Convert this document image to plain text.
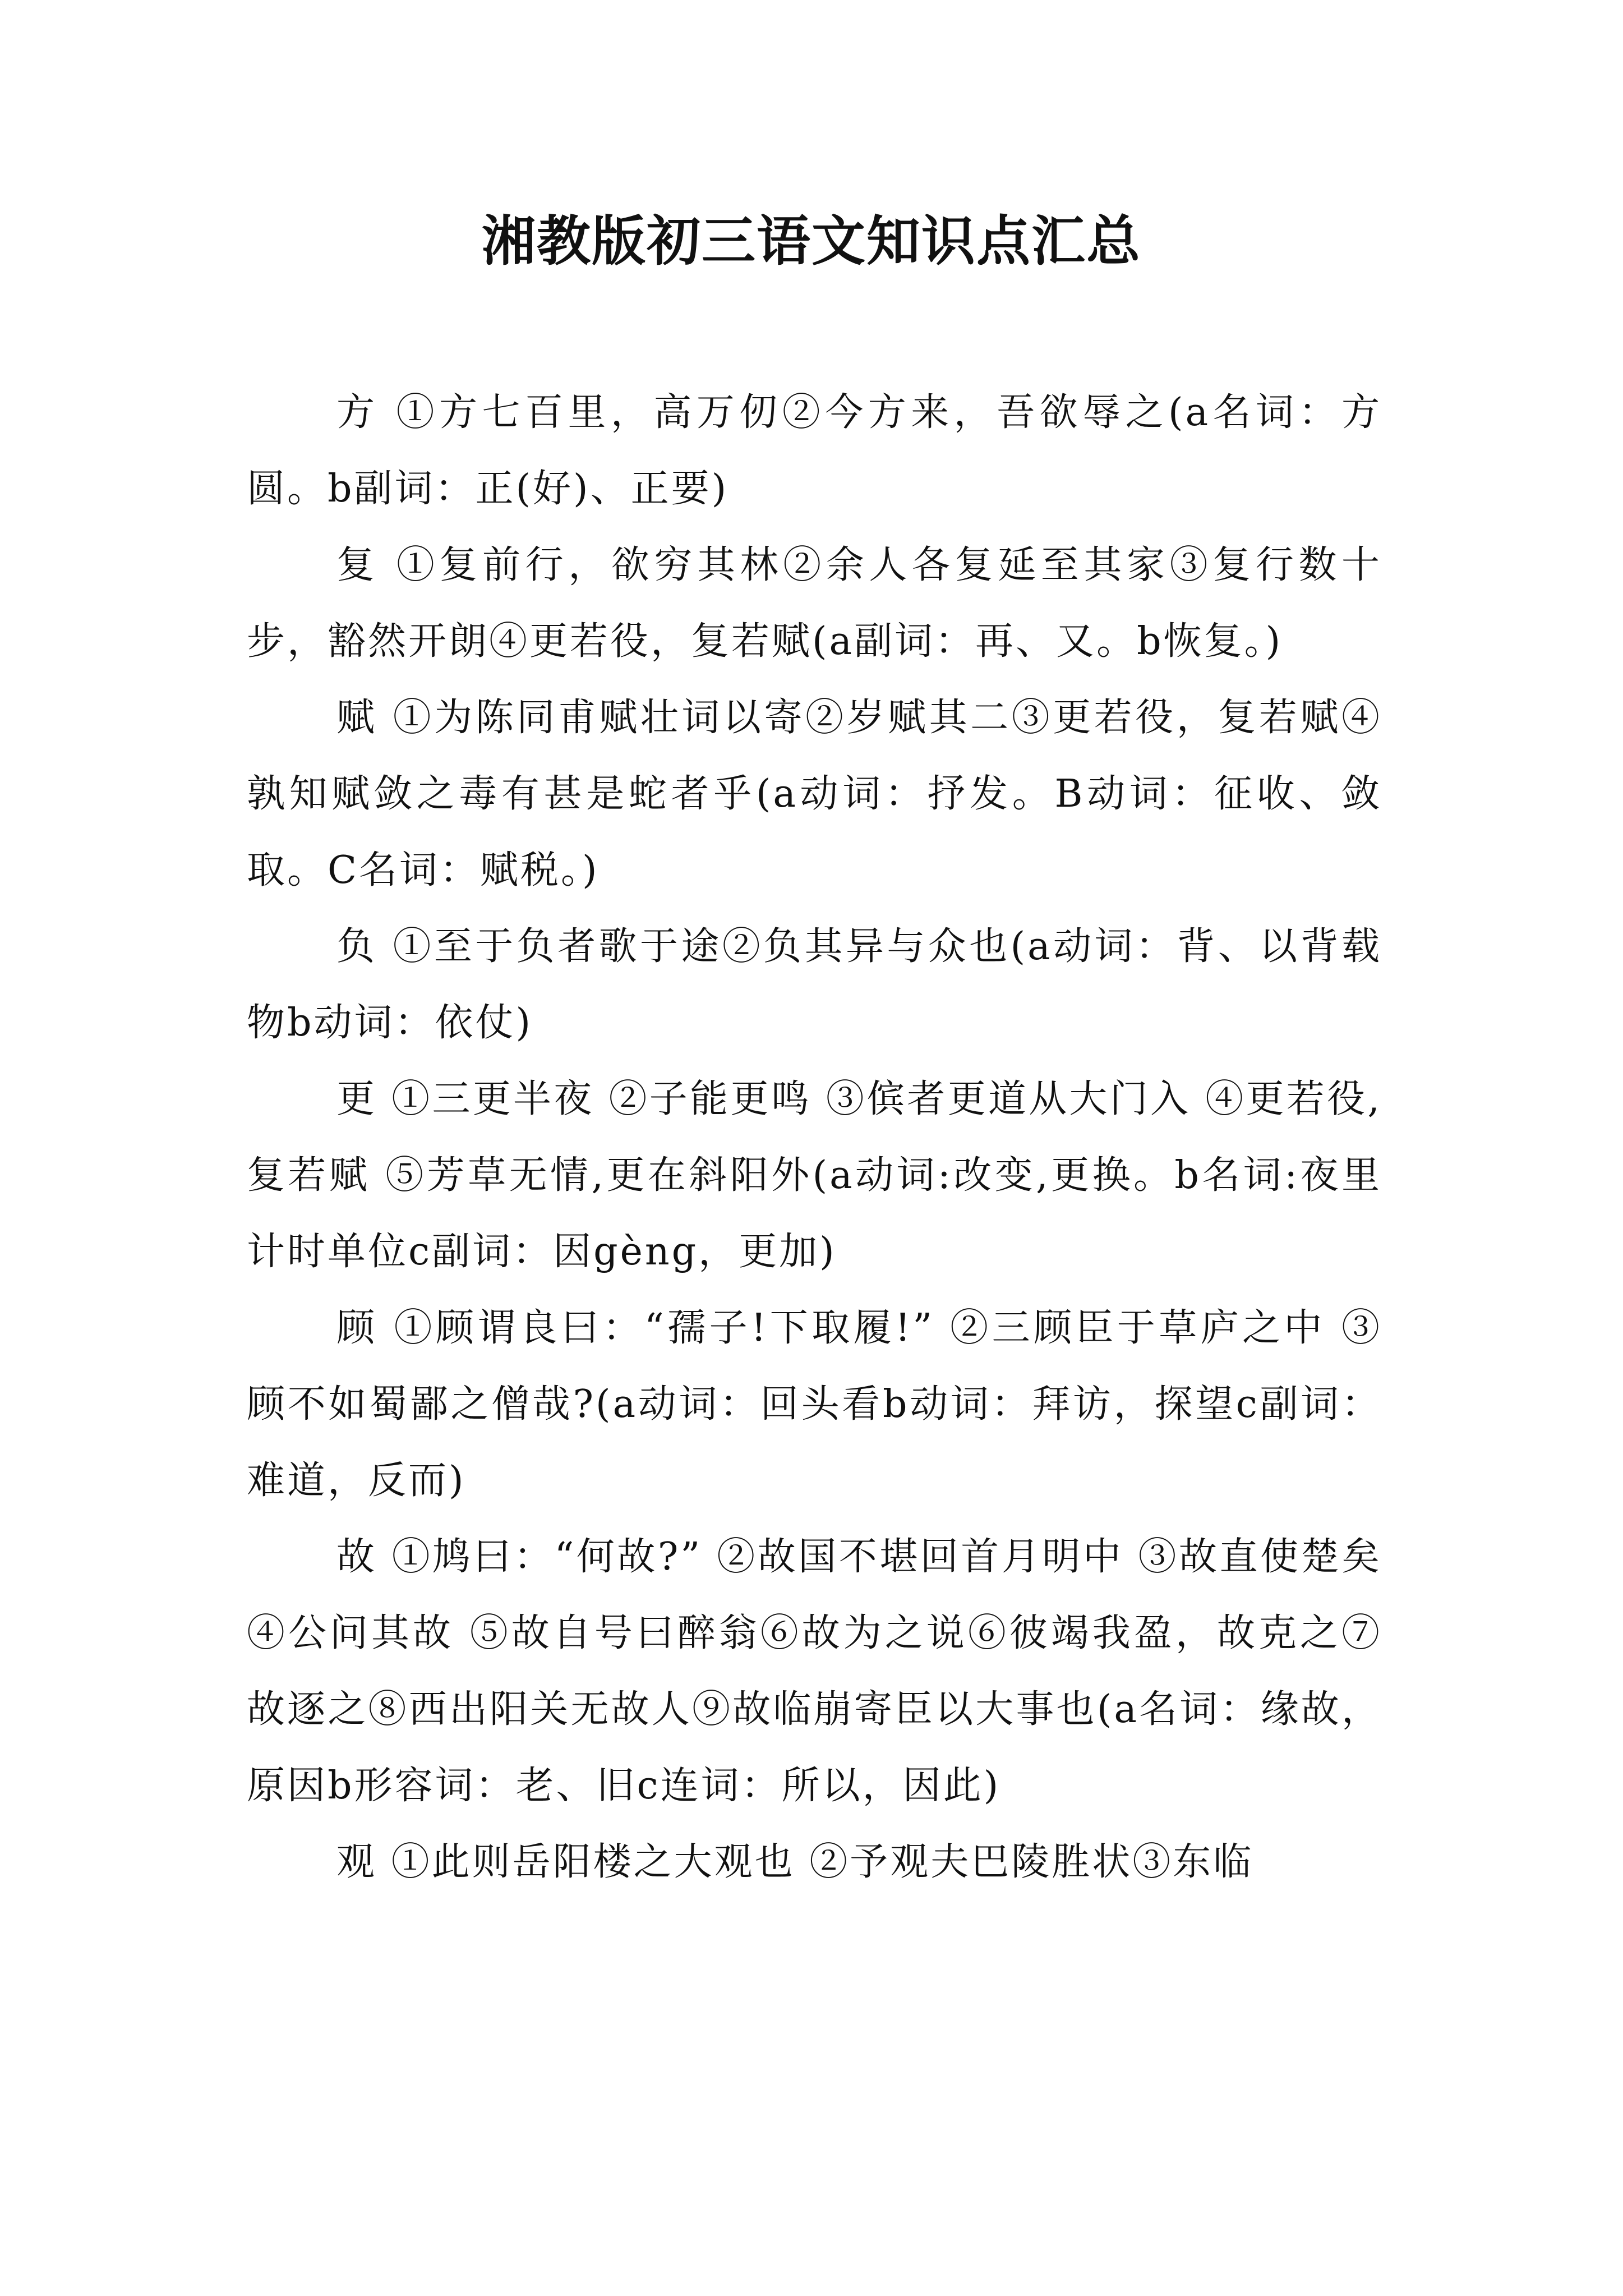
湘教版初三语文知识点汇总

方 ①方七百里，高万仞②今方来，吾欲辱之(a名词：方圆。b副词：正(好)、正要)

复 ①复前行，欲穷其林②余人各复延至其家③复行数十步，豁然开朗④更若役，复若赋(a副词：再、又。b恢复。)

赋 ①为陈同甫赋壮词以寄②岁赋其二③更若役，复若赋④孰知赋敛之毒有甚是蛇者乎(a动词：抒发。B动词：征收、敛取。C名词：赋税。)

负 ①至于负者歌于途②负其异与众也(a动词：背、以背载物b动词：依仗)

更 ①三更半夜 ②子能更鸣 ③傧者更道从大门入 ④更若役,复若赋 ⑤芳草无情,更在斜阳外(a动词:改变,更换。b名词:夜里计时单位c副词：因gèng，更加)

顾 ①顾谓良曰：“孺子!下取履!” ②三顾臣于草庐之中 ③顾不如蜀鄙之僧哉?(a动词：回头看b动词：拜访，探望c副词：难道，反而)

故 ①鸠曰：“何故?” ②故国不堪回首月明中 ③故直使楚矣 ④公问其故 ⑤故自号曰醉翁⑥故为之说⑥彼竭我盈，故克之⑦故逐之⑧西出阳关无故人⑨故临崩寄臣以大事也(a名词：缘故，原因b形容词：老、旧c连词：所以，因此)

观 ①此则岳阳楼之大观也 ②予观夫巴陵胜状③东临
